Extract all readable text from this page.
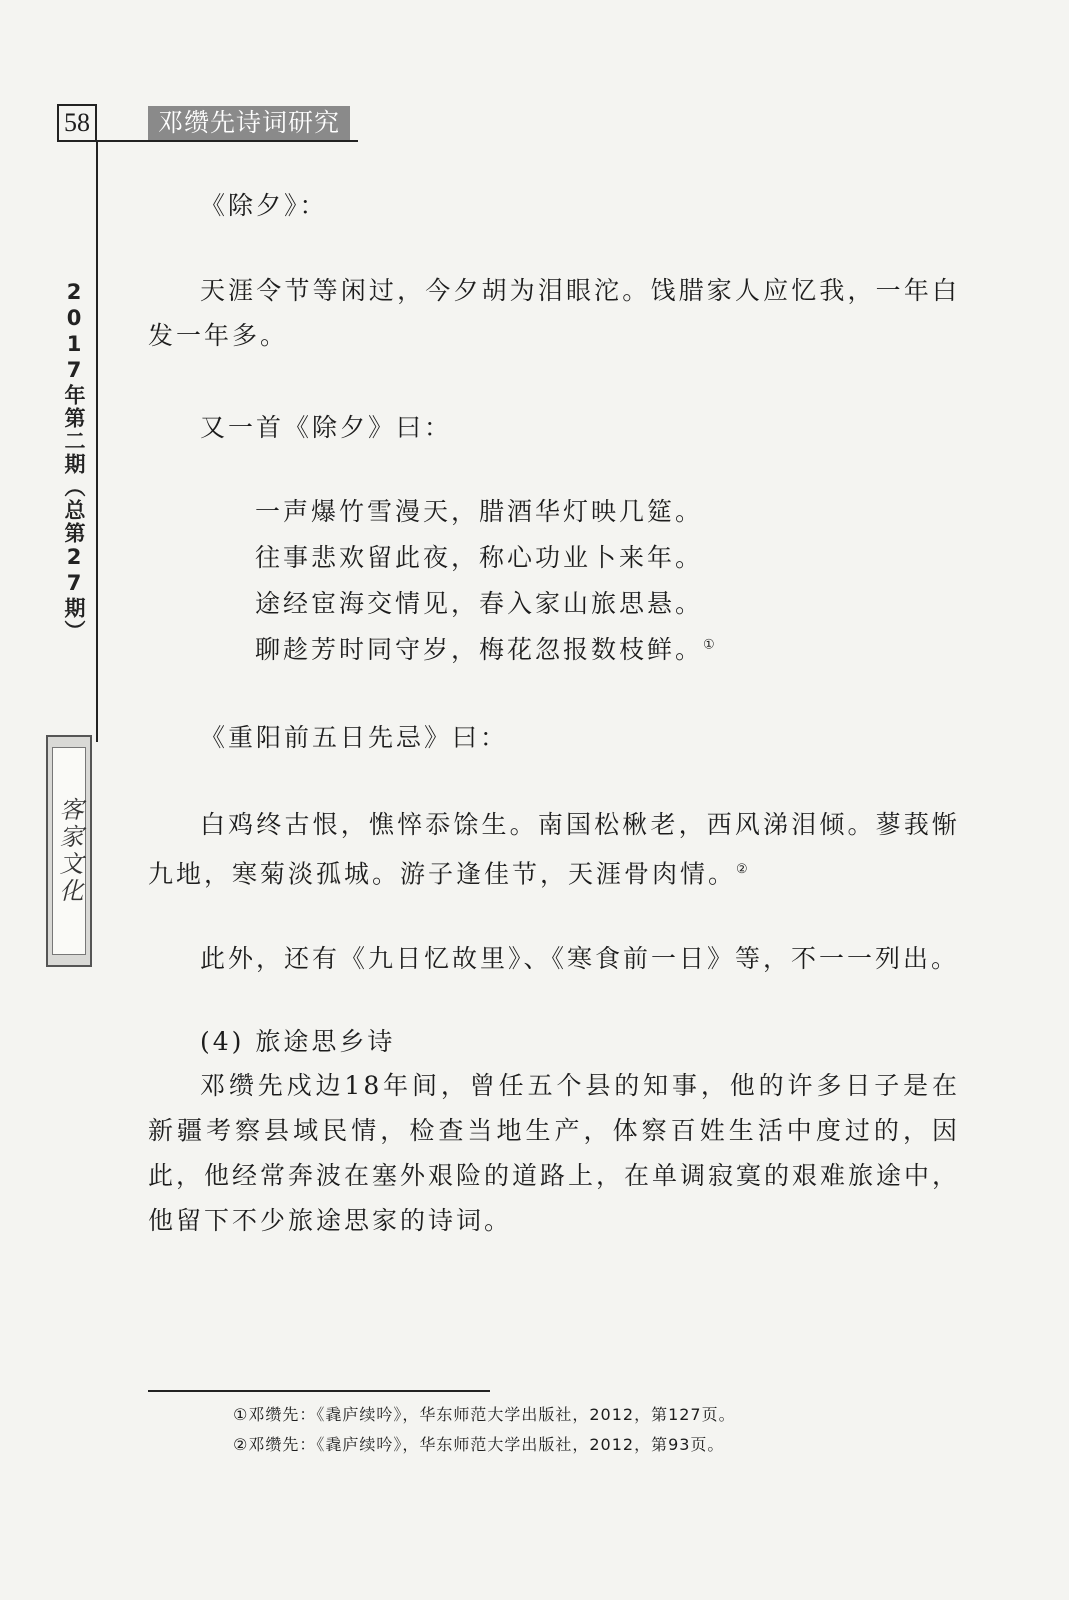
58	邓缵先诗词研究
2017年第二期（总第27期）
客家文化
《除夕》：
天涯令节等闲过，今夕胡为泪眼沱。饯腊家人应忆我，一年白发一年多。
又一首《除夕》曰：
一声爆竹雪漫天，腊酒华灯映几筵。
往事悲欢留此夜，称心功业卜来年。
途经宦海交情见，春入家山旅思悬。
聊趁芳时同守岁，梅花忽报数枝鲜。①
《重阳前五日先忌》曰：
白鸡终古恨，憔悴忝馀生。南国松楸老，西风涕泪倾。蓼莪惭九地，寒菊淡孤城。游子逢佳节，天涯骨肉情。②
此外，还有《九日忆故里》、《寒食前一日》等，不一一列出。
(4) 旅途思乡诗
邓缵先戍边18年间，曾任五个县的知事，他的许多日子是在新疆考察县域民情，检查当地生产，体察百姓生活中度过的，因此，他经常奔波在塞外艰险的道路上，在单调寂寞的艰难旅途中，他留下不少旅途思家的诗词。
①邓缵先：《毳庐续吟》，华东师范大学出版社，2012，第127页。
②邓缵先：《毳庐续吟》，华东师范大学出版社，2012，第93页。
